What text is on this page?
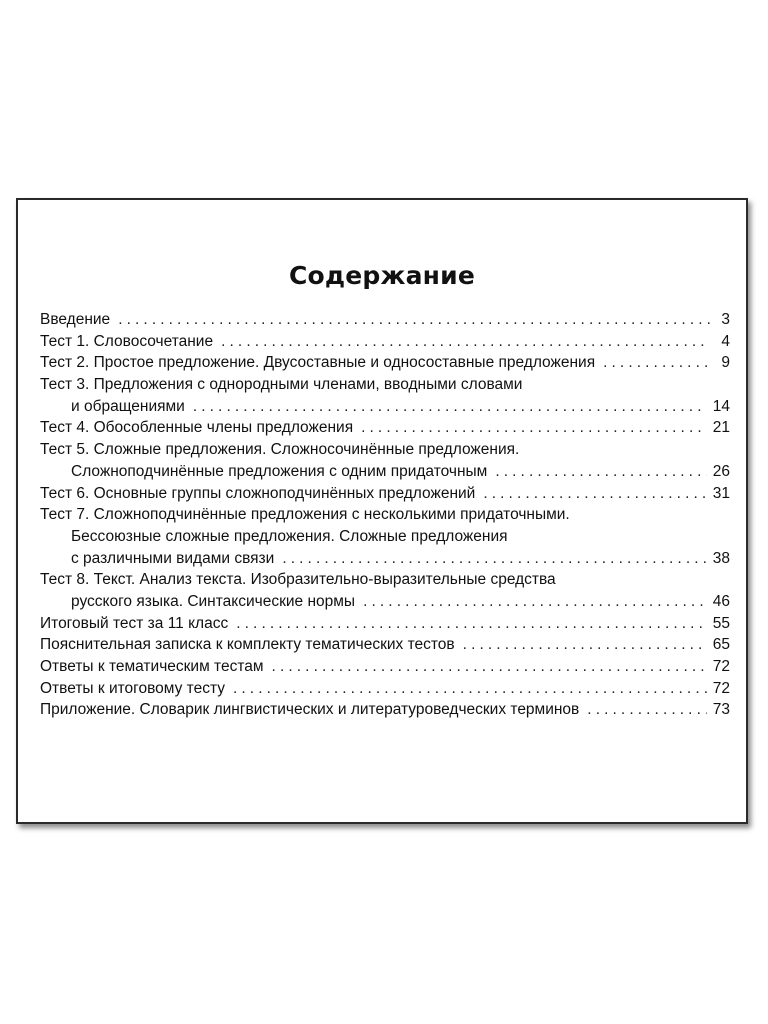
Содержание
Введение .....	3
Тест 1. Словосочетание .....	4
Тест 2. Простое предложение. Двусоставные и односоставные предложения .....	9
Тест 3. Предложения с однородными членами, вводными словами
и обращениями .....	14
Тест 4. Обособленные члены предложения .....	21
Тест 5. Сложные предложения. Сложносочинённые предложения.
Сложноподчинённые предложения с одним придаточным .....	26
Тест 6. Основные группы сложноподчинённых предложений .....	31
Тест 7. Сложноподчинённые предложения с несколькими придаточными.
Бессоюзные сложные предложения. Сложные предложения
с различными видами связи .....	38
Тест 8. Текст. Анализ текста. Изобразительно-выразительные средства
русского языка. Синтаксические нормы .....	46
Итоговый тест за 11 класс .....	55
Пояснительная записка к комплекту тематических тестов .....	65
Ответы к тематическим тестам .....	72
Ответы к итоговому тесту .....	72
Приложение. Словарик лингвистических и литературоведческих терминов .....	73
